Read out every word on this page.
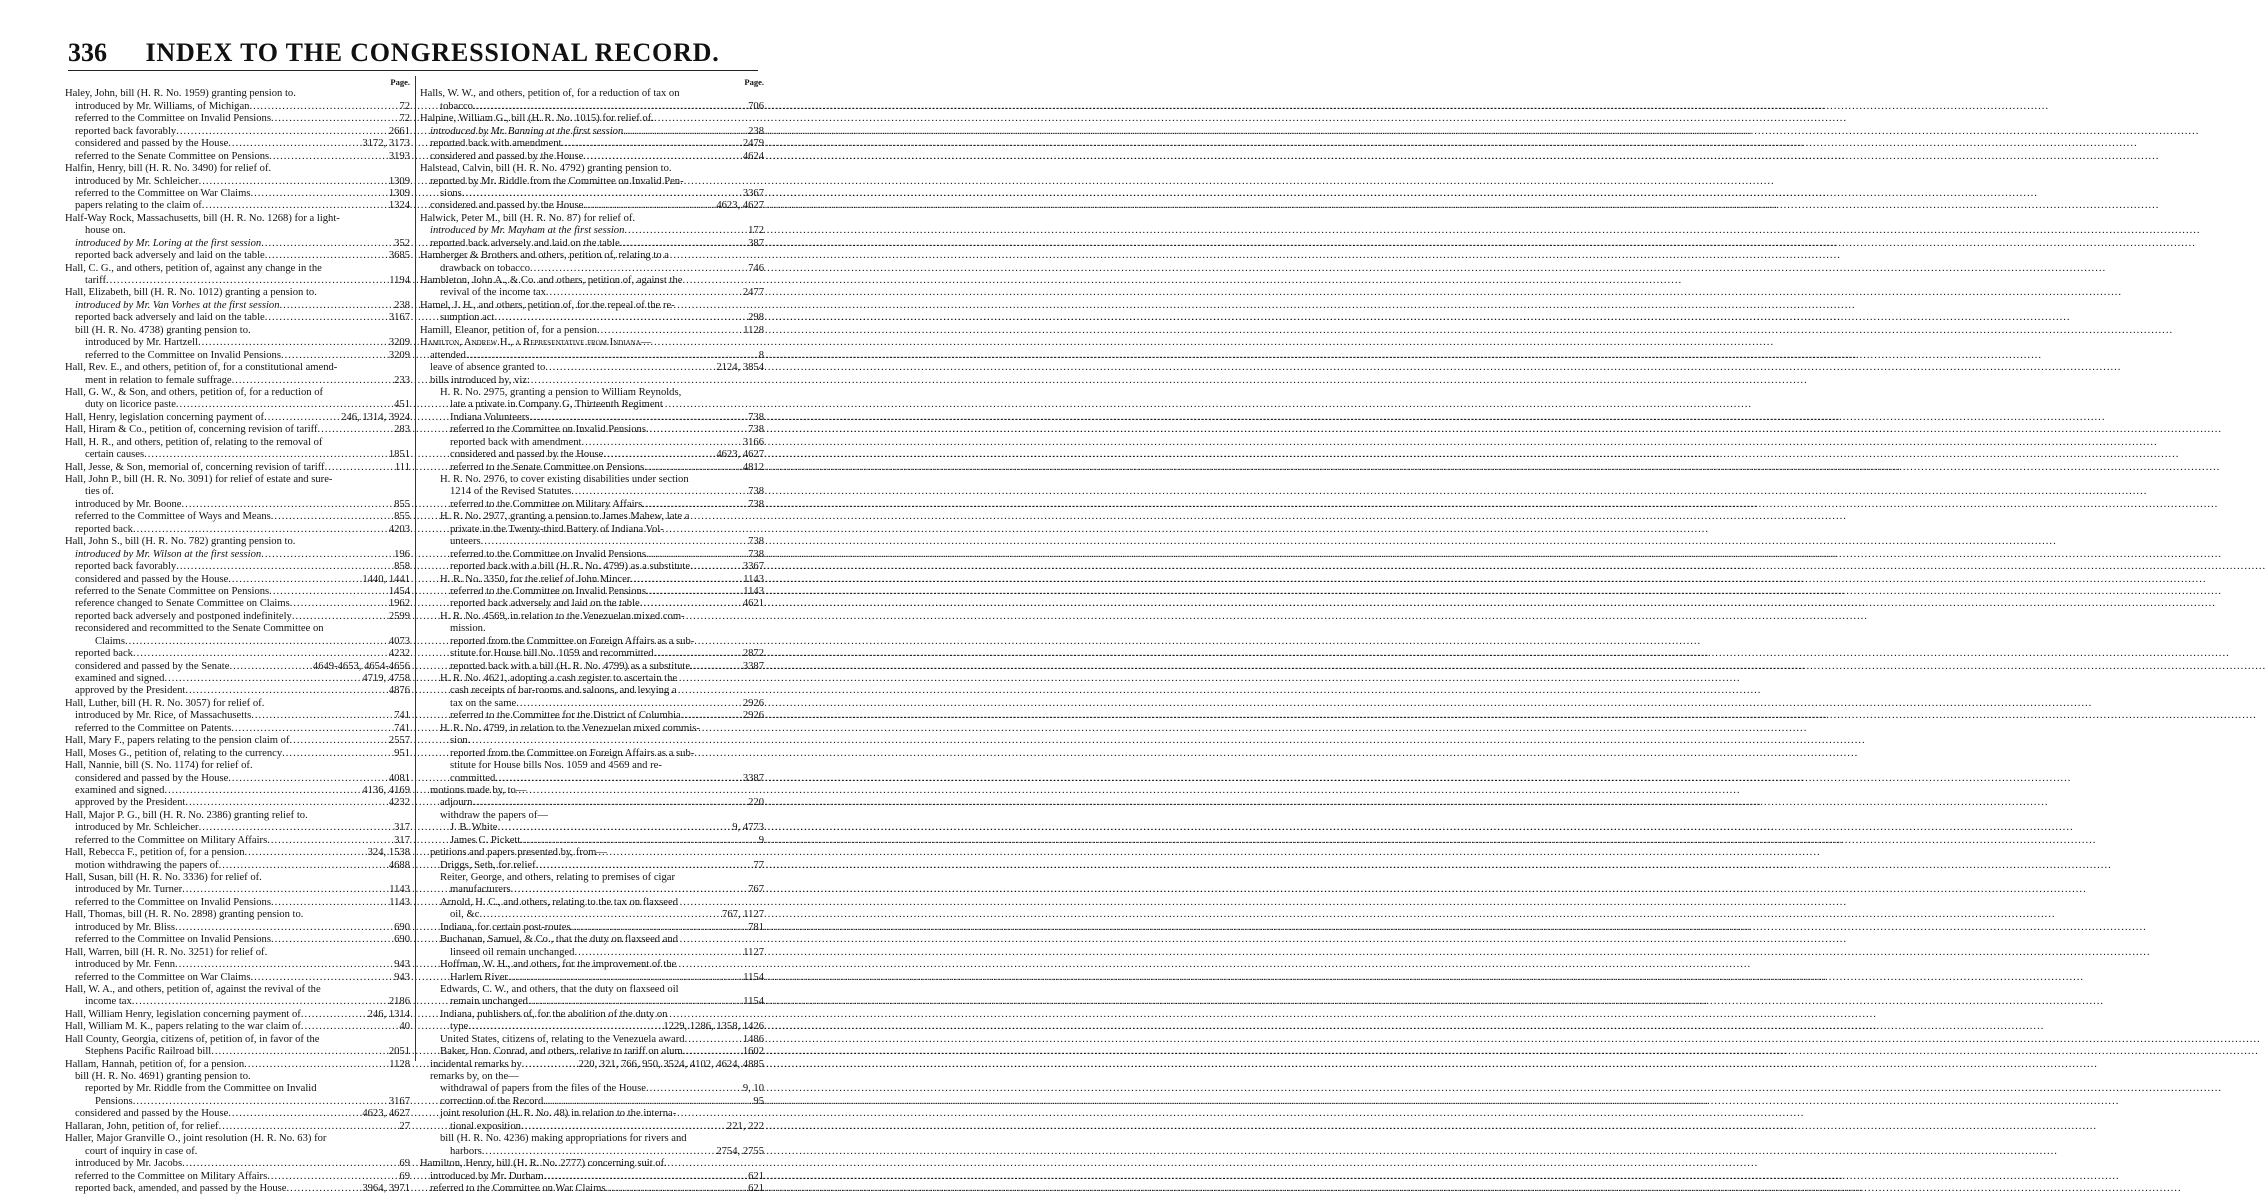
336	INDEX TO THE CONGRESSIONAL RECORD.
Page.
Haley, John, bill (H. R. No. 1959) granting pension to.
introduced by Mr. Williams, of Michigan .....	72
referred to the Committee on Invalid Pensions .....	72
reported back favorably .....	2661
considered and passed by the House .....	3172, 3173
referred to the Senate Committee on Pensions .....	3193
Halfin, Henry, bill (H. R. No. 3490) for relief of.
introduced by Mr. Schleicher .....	1309
referred to the Committee on War Claims .....	1309
papers relating to the claim of .....	1324
Half-Way Rock, Massachusetts, bill (H. R. No. 1268) for a light-
house on.
introduced by Mr. Loring at the first session .....	352
reported back adversely and laid on the table .....	3685
Hall, C. G., and others, petition of, against any change in the
tariff .....	1194
Hall, Elizabeth, bill (H. R. No. 1012) granting a pension to.
introduced by Mr. Van Vorhes at the first session .....	238
reported back adversely and laid on the table .....	3167
bill (H. R. No. 4738) granting pension to.
introduced by Mr. Hartzell .....	3209
referred to the Committee on Invalid Pensions .....	3209
Hall, Rev. E., and others, petition of, for a constitutional amend-
ment in relation to female suffrage .....	233
Hall, G. W., & Son, and others, petition of, for a reduction of
duty on licorice paste .....	451
Hall, Henry, legislation concerning payment of .....	246, 1314, 3924
Hall, Hiram & Co., petition of, concerning revision of tariff .....	283
Hall, H. R., and others, petition of, relating to the removal of
certain causes .....	1851
Hall, Jesse, & Son, memorial of, concerning revision of tariff .....	111
Hall, John P., bill (H. R. No. 3091) for relief of estate and sure-
ties of.
introduced by Mr. Boone .....	855
referred to the Committee of Ways and Means .....	855
reported back .....	4203
Hall, John S., bill (H. R. No. 782) granting pension to.
introduced by Mr. Wilson at the first session .....	196
reported back favorably .....	858
considered and passed by the House .....	1440, 1441
referred to the Senate Committee on Pensions .....	1454
reference changed to Senate Committee on Claims .....	1962
reported back adversely and postponed indefinitely .....	2599
reconsidered and recommitted to the Senate Committee on
Claims .....	4073
reported back .....	4232
considered and passed by the Senate .....	4649-4653, 4654-4656
examined and signed .....	4719, 4758
approved by the President .....	4876
Hall, Luther, bill (H. R. No. 3057) for relief of.
introduced by Mr. Rice, of Massachusetts .....	741
referred to the Committee on Patents .....	741
Hall, Mary F., papers relating to the pension claim of .....	2557
Hall, Moses G., petition of, relating to the currency .....	951
Hall, Nannie, bill (S. No. 1174) for relief of.
considered and passed by the House .....	4081
examined and signed .....	4136, 4169
approved by the President .....	4232
Hall, Major P. G., bill (H. R. No. 2386) granting relief to.
introduced by Mr. Schleicher .....	317
referred to the Committee on Military Affairs .....	317
Hall, Rebecca F., petition of, for a pension .....	324, 1538
motion withdrawing the papers of .....	4688
Hall, Susan, bill (H. R. No. 3336) for relief of.
introduced by Mr. Turner .....	1143
referred to the Committee on Invalid Pensions .....	1143
Hall, Thomas, bill (H. R. No. 2898) granting pension to.
introduced by Mr. Bliss .....	690
referred to the Committee on Invalid Pensions .....	690
Hall, Warren, bill (H. R. No. 3251) for relief of.
introduced by Mr. Fenn .....	943
referred to the Committee on War Claims .....	943
Hall, W. A., and others, petition of, against the revival of the
income tax .....	2186
Hall, William Henry, legislation concerning payment of .....	246, 1314
Hall, William M. K., papers relating to the war claim of .....	40
Hall County, Georgia, citizens of, petition of, in favor of the
Stephens Pacific Railroad bill .....	2051
Hallam, Hannah, petition of, for a pension .....	1128
bill (H. R. No. 4691) granting pension to.
reported by Mr. Riddle from the Committee on Invalid
Pensions .....	3167
considered and passed by the House .....	4623, 4627
Hallaran, John, petition of, for relief .....	27
Haller, Major Granville O., joint resolution (H. R. No. 63) for
court of inquiry in case of.
introduced by Mr. Jacobs .....	69
referred to the Committee on Military Affairs .....	69
reported back, amended, and passed by the House .....	3964, 3971
Page.
Halls, W. W., and others, petition of, for a reduction of tax on
tobacco .....	706
Halpine, William G., bill (H. R. No. 1015) for relief of.
introduced by Mr. Banning at the first session .....	238
reported back with amendment .....	2479
considered and passed by the House .....	4624
Halstead, Calvin, bill (H. R. No. 4792) granting pension to.
reported by Mr. Riddle from the Committee on Invalid Pen-
sions .....	3367
considered and passed by the House .....	4623, 4627
Halwick, Peter M., bill (H. R. No. 87) for relief of.
introduced by Mr. Mayham at the first session .....	172
reported back adversely and laid on the table .....	387
Hamberger & Brothers and others, petition of, relating to a
drawback on tobacco .....	746
Hambleton, John A., & Co. and others, petition of, against the
revival of the income tax .....	2477
Hamel, J. H., and others, petition of, for the repeal of the re-
sumption act .....	298
Hamill, Eleanor, petition of, for a pension .....	1128
Hamilton, Andrew H., a Representative from Indiana—
attended .....	8
leave of absence granted to .....	2124, 3854
bills introduced by, viz:
H. R. No. 2975, granting a pension to William Reynolds,
late a private in Company G, Thirteenth Regiment
Indiana Volunteers .....	738
referred to the Committee on Invalid Pensions .....	738
reported back with amendment .....	3166
considered and passed by the House .....	4623, 4627
referred to the Senate Committee on Pensions .....	4812
H. R. No. 2976, to cover existing disabilities under section
1214 of the Revised Statutes .....	738
referred to the Committee on Military Affairs .....	738
H. R. No. 2977, granting a pension to James Mahew, late a
private in the Twenty-third Battery of Indiana Vol-
unteers .....	738
referred to the Committee on Invalid Pensions .....	738
reported back with a bill (H. R. No. 4799) as a substitute .....	3367
H. R. No. 3350, for the relief of John Mincer .....	1143
referred to the Committee on Invalid Pensions .....	1143
reported back adversely and laid on the table .....	4621
H. R. No. 4569, in relation to the Venezuelan mixed com-
mission.
reported from the Committee on Foreign Affairs as a sub-
stitute for House bill No. 1059 and recommitted .....	2872
reported back with a bill (H. R. No. 4799) as a substitute .....	3387
H. R. No. 4621, adopting a cash register to ascertain the
cash receipts of bar-rooms and saloons, and levying a
tax on the same .....	2926
referred to the Committee for the District of Columbia .....	2926
H. R. No. 4799, in relation to the Venezuelan mixed commis-
sion.
reported from the Committee on Foreign Affairs as a sub-
stitute for House bills Nos. 1059 and 4569 and re-
committed .....	3387
motions made by, to—
adjourn .....	220
withdraw the papers of—
J. B. White .....	9, 4773
James C. Pickett .....	9
petitions and papers presented by, from—
Driggs, Seth, for relief .....	77
Reiter, George, and others, relating to premises of cigar
manufacturers .....	767
Arnold, H. C., and others, relating to the tax on flaxseed
oil, &c .....	767, 1127
Indiana, for certain post-routes .....	781
Buchanan, Samuel, & Co., that the duty on flaxseed and
linseed oil remain unchanged .....	1127
Hoffman, W. H., and others, for the improvement of the
Harlem River .....	1154
Edwards, C. W., and others, that the duty on flaxseed oil
remain unchanged .....	1154
Indiana, publishers of, for the abolition of the duty on
type .....	1229, 1286, 1358, 1426
United States, citizens of, relating to the Venezuela award .....	1486
Baker, Hon. Conrad, and others, relative to tariff on alum .....	1602
incidental remarks by .....	220, 321, 766, 950, 3524, 4102, 4624, 4885
remarks by, on the—
withdrawal of papers from the files of the House .....	9, 10
correction of the Record .....	95
joint resolution (H. R. No. 48) in relation to the interna-
tional exposition .....	221, 222
bill (H. R. No. 4236) making appropriations for rivers and
harbors .....	2754, 2755
Hamilton, Henry, bill (H. R. No. 2777) concerning suit of.
introduced by Mr. Durham .....	621
referred to the Committee on War Claims .....	621
